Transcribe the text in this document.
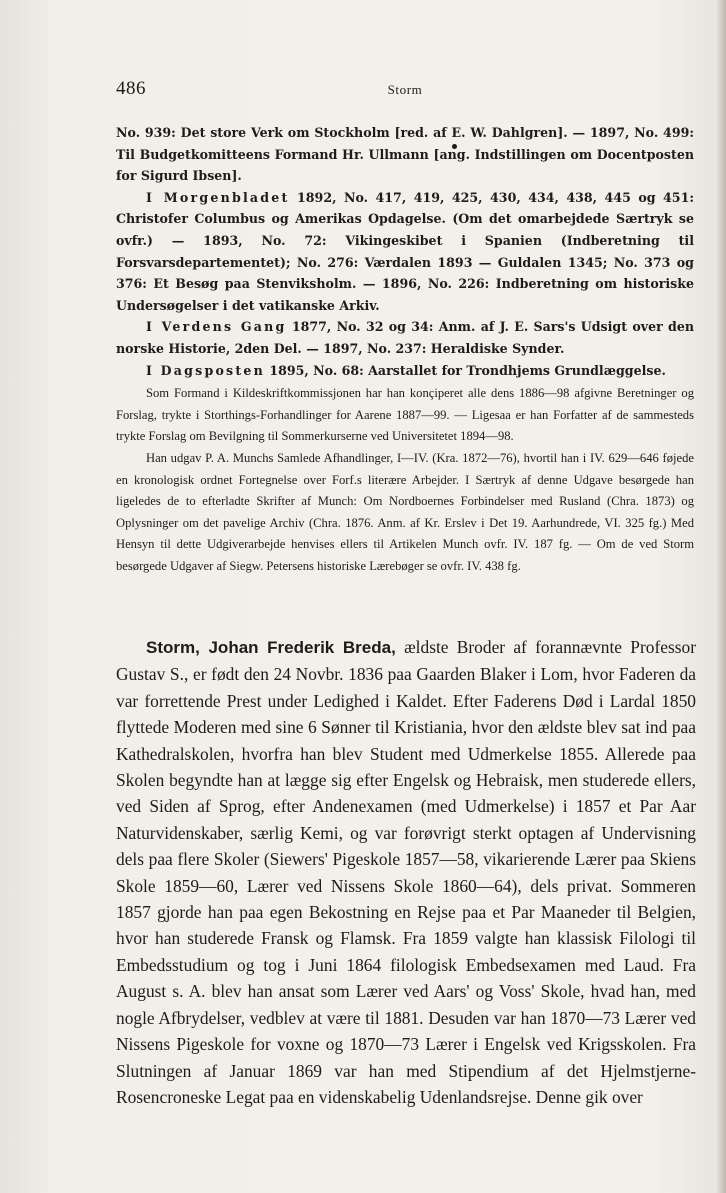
486	Storm

No. 939: Det store Verk om Stockholm [red. af E. W. Dahlgren]. — 1897, No. 499: Til Budgetkomitteens Formand Hr. Ullmann [ang. Indstillingen om Docentposten for Sigurd Ibsen].

I Morgenbladet 1892, No. 417, 419, 425, 430, 434, 438, 445 og 451: Christofer Columbus og Amerikas Opdagelse. (Om det omarbejdede Særtryk se ovfr.) — 1893, No. 72: Vikingeskibet i Spanien (Indberetning til Forsvarsdepartementet); No. 276: Værdalen 1893 — Guldalen 1345; No. 373 og 376: Et Besøg paa Stenviksholm. — 1896, No. 226: Indberetning om historiske Undersøgelser i det vatikanske Arkiv.

I Verdens Gang 1877, No. 32 og 34: Anm. af J. E. Sars's Udsigt over den norske Historie, 2den Del. — 1897, No. 237: Heraldiske Synder.

I Dagsposten 1895, No. 68: Aarstallet for Trondhjems Grundlæggelse.

Som Formand i Kildeskriftkommissjonen har han konçiperet alle dens 1886—98 afgivne Beretninger og Forslag, trykte i Storthings-Forhandlinger for Aarene 1887—99. — Ligesaa er han Forfatter af de sammesteds trykte Forslag om Bevilgning til Sommerkurserne ved Universitetet 1894—98.

Han udgav P. A. Munchs Samlede Afhandlinger, I—IV. (Kra. 1872—76), hvortil han i IV. 629—646 føjede en kronologisk ordnet Fortegnelse over Forf.s literære Arbejder. I Særtryk af denne Udgave besørgede han ligeledes de to efterladte Skrifter af Munch: Om Nordboernes Forbindelser med Rusland (Chra. 1873) og Oplysninger om det pavelige Archiv (Chra. 1876. Anm. af Kr. Erslev i Det 19. Aarhundrede, VI. 325 fg.) Med Hensyn til dette Udgiverarbejde henvises ellers til Artikelen Munch ovfr. IV. 187 fg. — Om de ved Storm besørgede Udgaver af Siegw. Petersens historiske Lærebøger se ovfr. IV. 438 fg.

Storm, Johan Frederik Breda, ældste Broder af forannævnte Professor Gustav S., er født den 24 Novbr. 1836 paa Gaarden Blaker i Lom, hvor Faderen da var forrettende Prest under Ledighed i Kaldet. Efter Faderens Død i Lardal 1850 flyttede Moderen med sine 6 Sønner til Kristiania, hvor den ældste blev sat ind paa Kathedralskolen, hvorfra han blev Student med Udmerkelse 1855. Allerede paa Skolen begyndte han at lægge sig efter Engelsk og Hebraisk, men studerede ellers, ved Siden af Sprog, efter Andenexamen (med Udmerkelse) i 1857 et Par Aar Naturvidenskaber, særlig Kemi, og var forøvrigt sterkt optagen af Undervisning dels paa flere Skoler (Siewers' Pigeskole 1857—58, vikarierende Lærer paa Skiens Skole 1859—60, Lærer ved Nissens Skole 1860—64), dels privat. Sommeren 1857 gjorde han paa egen Bekostning en Rejse paa et Par Maaneder til Belgien, hvor han studerede Fransk og Flamsk. Fra 1859 valgte han klassisk Filologi til Embedsstudium og tog i Juni 1864 filologisk Embedsexamen med Laud. Fra August s. A. blev han ansat som Lærer ved Aars' og Voss' Skole, hvad han, med nogle Afbrydelser, vedblev at være til 1881. Desuden var han 1870—73 Lærer ved Nissens Pigeskole for voxne og 1870—73 Lærer i Engelsk ved Krigsskolen. Fra Slutningen af Januar 1869 var han med Stipendium af det Hjelmstjerne-Rosencroneske Legat paa en videnskabelig Udenlandsrejse. Denne gik over
